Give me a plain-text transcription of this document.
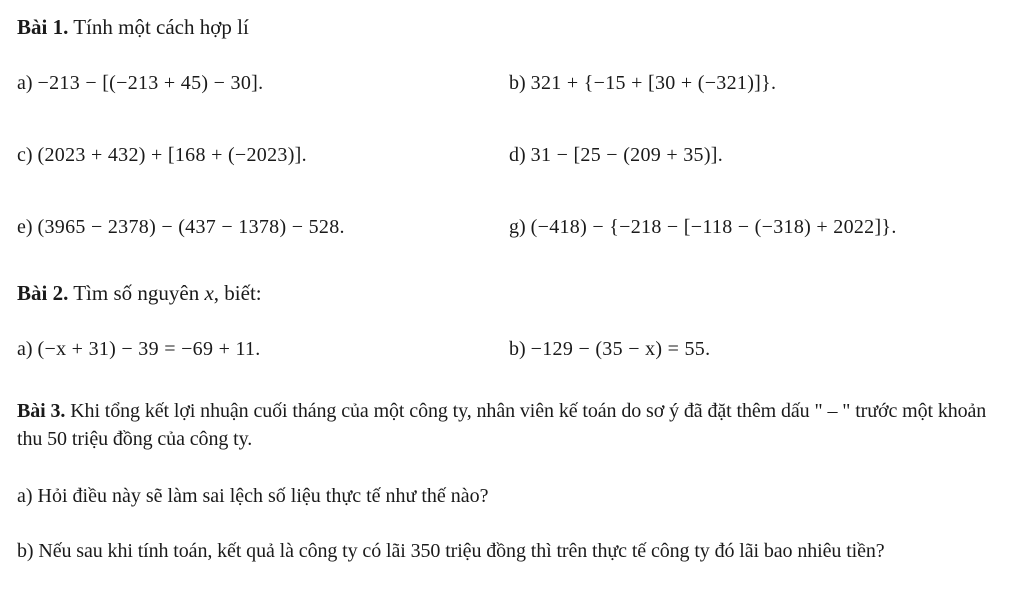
Bài 1. Tính một cách hợp lí
a) −213 − [(−213 + 45) − 30].	b) 321 + {−15 + [30 + (−321)]}.
c) (2023 + 432) + [168 + (−2023)].	d) 31 − [25 − (209 + 35)].
e) (3965 − 2378) − (437 − 1378) − 528.	g) (−418) − {−218 − [−118 − (−318) + 2022]}.
Bài 2. Tìm số nguyên x, biết:
a) (−x + 31) − 39 = −69 + 11.	b) −129 − (35 − x) = 55.
Bài 3. Khi tổng kết lợi nhuận cuối tháng của một công ty, nhân viên kế toán do sơ ý đã đặt thêm dấu " – " trước một khoản thu 50 triệu đồng của công ty.
a) Hỏi điều này sẽ làm sai lệch số liệu thực tế như thế nào?
b) Nếu sau khi tính toán, kết quả là công ty có lãi 350 triệu đồng thì trên thực tế công ty đó lãi bao nhiêu tiền?
